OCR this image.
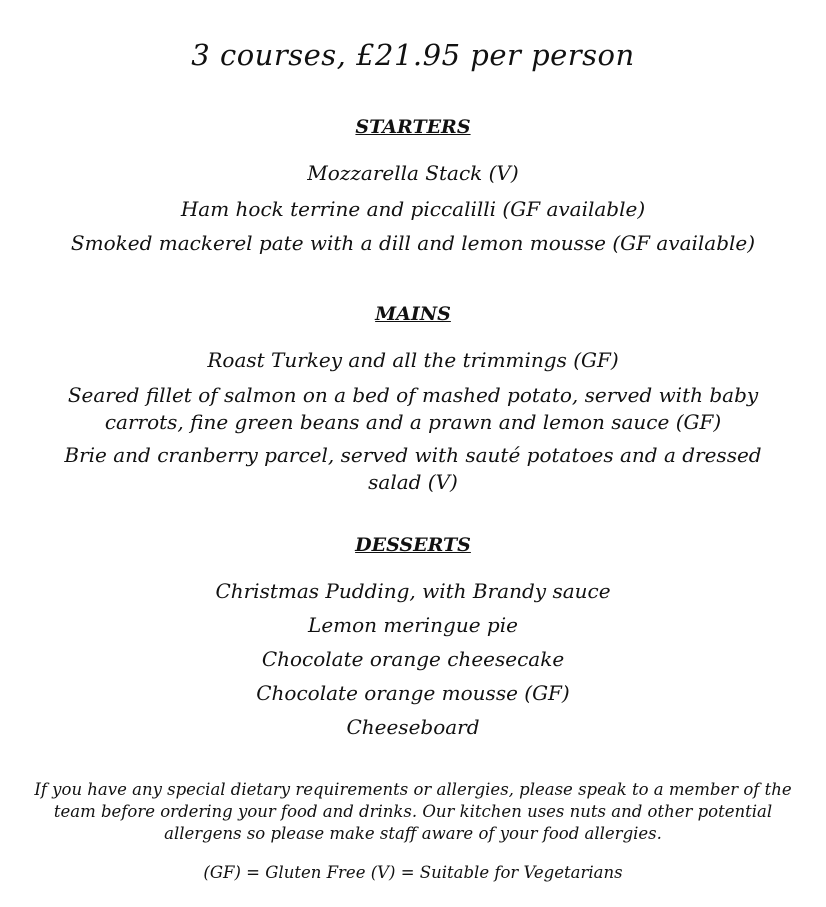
3 courses, £21.95 per person
STARTERS
Mozzarella Stack (V)
Ham hock terrine and piccalilli (GF available)
Smoked mackerel pate with a dill and lemon mousse (GF available)
MAINS
Roast Turkey and all the trimmings (GF)
Seared fillet of salmon on a bed of mashed potato, served with baby carrots, fine green beans and a prawn and lemon sauce (GF)
Brie and cranberry parcel, served with sauté potatoes and a dressed salad (V)
DESSERTS
Christmas Pudding, with Brandy sauce
Lemon meringue pie
Chocolate orange cheesecake
Chocolate orange mousse (GF)
Cheeseboard
If you have any special dietary requirements or allergies, please speak to a member of the team before ordering your food and drinks. Our kitchen uses nuts and other potential allergens so please make staff aware of your food allergies.
(GF) = Gluten Free (V) = Suitable for Vegetarians
